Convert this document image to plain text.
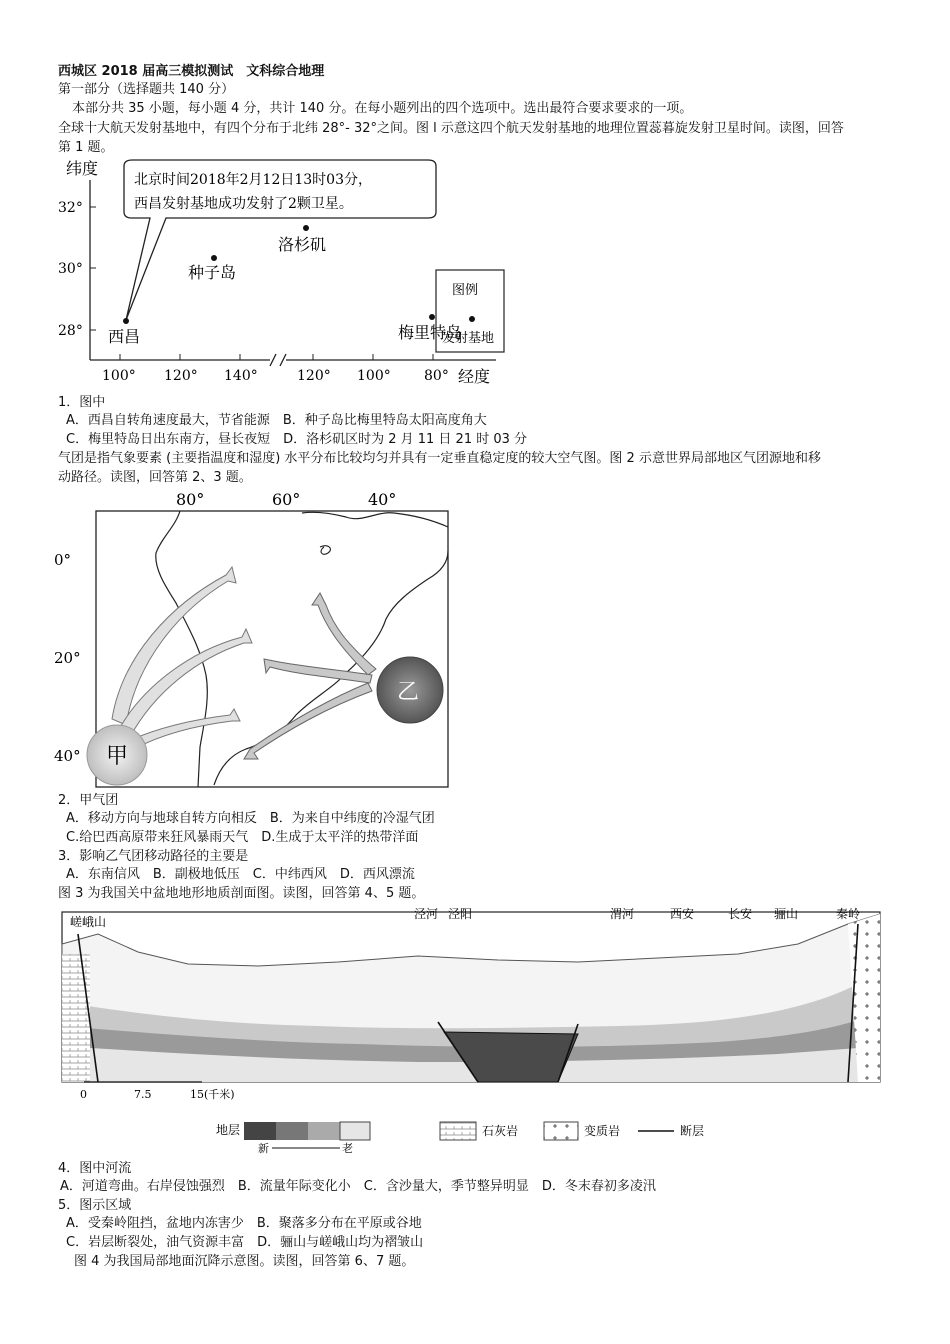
西城区 2018 届高三模拟测试　文科综合地理
第一部分（选择题共 140 分）
本部分共 35 小题，每小题 4 分，共计 140 分。在每小题列出的四个选项中。选出最符合要求要求的一项。
全球十大航天发射基地中，有四个分布于北纬 28°- 32°之间。图 l 示意这四个航天发射基地的地理位置蕊暮旋发射卫星时间。读图，回答
第 1 题。
纬度
32°
30°
28°
100° 120° 140°	120° 100° 80° 经度
北京时间2018年2月12日13时03分，
西昌发射基地成功发射了2颗卫星。
西昌
种子岛
洛杉矶
梅里特岛
图例
发射基地
1．图中
A．西昌自转角速度最大，节省能源　B．种子岛比梅里特岛太阳高度角大
C．梅里特岛日出东南方，昼长夜短　D．洛杉矶区时为 2 月 11 日 21 时 03 分
气团是指气象要素 (主要指温度和湿度) 水平分布比较均匀并具有一定垂直稳定度的较大空气图。图 2 示意世界局部地区气团源地和移
动路径。读图，回答第 2、3 题。
80°	60°	40°
0°
20°
40° 甲
乙
2．甲气团
A．移动方向与地球自转方向相反　B．为来自中纬度的冷湿气团
C.给巴西高原带来狂风暴雨天气　D.生成于太平洋的热带洋面
3．影响乙气团移动路径的主要是
A．东南信风　B．副极地低压　C．中纬西风　D．西风漂流
图 3 为我国关中盆地地形地质剖面图。读图，回答第 4、5 题。
嵯峨山
泾河 泾阳	渭河	西安	长安 骊山	秦岭
0	7.5	15(千米)
地层
新	老
石灰岩	变质岩	断层
4．图中河流
A．河道弯曲。右岸侵蚀强烈　B．流量年际变化小　C．含沙量大，季节整异明显　D．冬末春初多凌汛
5．图示区域
A．受秦岭阻挡，盆地内冻害少　B．聚落多分布在平原或谷地
C．岩层断裂处，油气资源丰富　D．骊山与嵯峨山均为褶皱山
图 4 为我国局部地面沉降示意图。读图，回答第 6、7 题。
